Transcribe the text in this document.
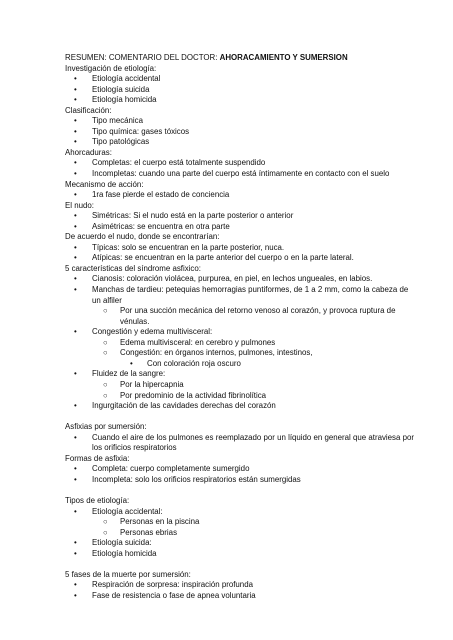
RESUMEN: COMENTARIO DEL DOCTOR: AHORACAMIENTO Y SUMERSION
Investigación de etiología:
• Etiología accidental
• Etiología suicida
• Etiología homicida
Clasificación:
• Tipo mecánica
• Tipo química: gases tóxicos
• Tipo patológicas
Ahorcaduras:
• Completas: el cuerpo está totalmente suspendido
• Incompletas: cuando una parte del cuerpo está íntimamente en contacto con el suelo
Mecanismo de acción:
• 1ra fase pierde el estado de conciencia
El nudo:
• Simétricas: Si el nudo está en la parte posterior o anterior
• Asimétricas: se encuentra en otra parte
De acuerdo el nudo, donde se encontrarían:
• Típicas: solo se encuentran en la parte posterior, nuca.
• Atípicas: se encuentran en la parte anterior del cuerpo o en la parte lateral.
5 características del síndrome asfixico:
• Cianosis: coloración violácea, purpurea, en piel, en lechos ungueales, en labios.
• Manchas de tardieu: petequias hemorragias puntiformes, de 1 a 2 mm, como la cabeza de un alfiler
○ Por una succión mecánica del retorno venoso al corazón, y provoca ruptura de vénulas.
• Congestión y edema multivisceral:
○ Edema multivisceral: en cerebro y pulmones
○ Congestión: en órganos internos, pulmones, intestinos,
• Con coloración roja oscuro
• Fluidez de la sangre:
○ Por la hipercapnia
○ Por predominio de la actividad fibrinolítica
• Ingurgitación de las cavidades derechas del corazón
Asfixias por sumersión:
• Cuando el aire de los pulmones es reemplazado por un líquido en general que atraviesa por los orificios respiratorios
Formas de asfixia:
• Completa: cuerpo completamente sumergido
• Incompleta: solo los orificios respiratorios están sumergidas
Tipos de etiología:
• Etiología accidental:
○ Personas en la piscina
○ Personas ebrias
• Etiología suicida:
• Etiología homicida
5 fases de la muerte por sumersión:
• Respiración de sorpresa: inspiración profunda
• Fase de resistencia o fase de apnea voluntaria
